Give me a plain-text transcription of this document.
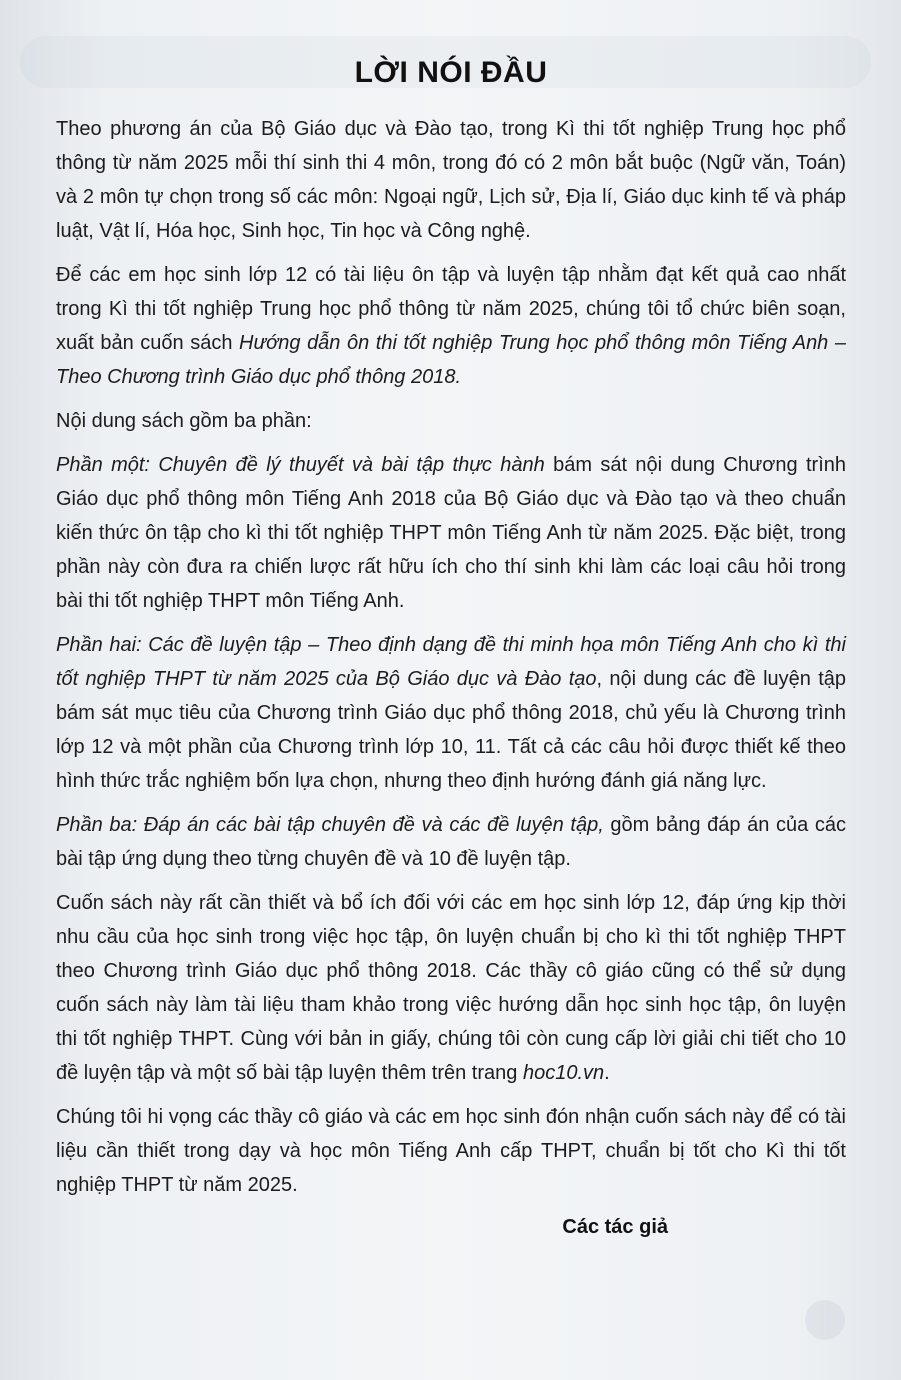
LỜI NÓI ĐẦU

Theo phương án của Bộ Giáo dục và Đào tạo, trong Kì thi tốt nghiệp Trung học phổ thông từ năm 2025 mỗi thí sinh thi 4 môn, trong đó có 2 môn bắt buộc (Ngữ văn, Toán) và 2 môn tự chọn trong số các môn: Ngoại ngữ, Lịch sử, Địa lí, Giáo dục kinh tế và pháp luật, Vật lí, Hóa học, Sinh học, Tin học và Công nghệ.

Để các em học sinh lớp 12 có tài liệu ôn tập và luyện tập nhằm đạt kết quả cao nhất trong Kì thi tốt nghiệp Trung học phổ thông từ năm 2025, chúng tôi tổ chức biên soạn, xuất bản cuốn sách Hướng dẫn ôn thi tốt nghiệp Trung học phổ thông môn Tiếng Anh – Theo Chương trình Giáo dục phổ thông 2018.

Nội dung sách gồm ba phần:

Phần một: Chuyên đề lý thuyết và bài tập thực hành bám sát nội dung Chương trình Giáo dục phổ thông môn Tiếng Anh 2018 của Bộ Giáo dục và Đào tạo và theo chuẩn kiến thức ôn tập cho kì thi tốt nghiệp THPT môn Tiếng Anh từ năm 2025. Đặc biệt, trong phần này còn đưa ra chiến lược rất hữu ích cho thí sinh khi làm các loại câu hỏi trong bài thi tốt nghiệp THPT môn Tiếng Anh.

Phần hai: Các đề luyện tập – Theo định dạng đề thi minh họa môn Tiếng Anh cho kì thi tốt nghiệp THPT từ năm 2025 của Bộ Giáo dục và Đào tạo, nội dung các đề luyện tập bám sát mục tiêu của Chương trình Giáo dục phổ thông 2018, chủ yếu là Chương trình lớp 12 và một phần của Chương trình lớp 10, 11. Tất cả các câu hỏi được thiết kế theo hình thức trắc nghiệm bốn lựa chọn, nhưng theo định hướng đánh giá năng lực.

Phần ba: Đáp án các bài tập chuyên đề và các đề luyện tập, gồm bảng đáp án của các bài tập ứng dụng theo từng chuyên đề và 10 đề luyện tập.

Cuốn sách này rất cần thiết và bổ ích đối với các em học sinh lớp 12, đáp ứng kịp thời nhu cầu của học sinh trong việc học tập, ôn luyện chuẩn bị cho kì thi tốt nghiệp THPT theo Chương trình Giáo dục phổ thông 2018. Các thầy cô giáo cũng có thể sử dụng cuốn sách này làm tài liệu tham khảo trong việc hướng dẫn học sinh học tập, ôn luyện thi tốt nghiệp THPT. Cùng với bản in giấy, chúng tôi còn cung cấp lời giải chi tiết cho 10 đề luyện tập và một số bài tập luyện thêm trên trang hoc10.vn.

Chúng tôi hi vọng các thầy cô giáo và các em học sinh đón nhận cuốn sách này để có tài liệu cần thiết trong dạy và học môn Tiếng Anh cấp THPT, chuẩn bị tốt cho Kì thi tốt nghiệp THPT từ năm 2025.

Các tác giả
